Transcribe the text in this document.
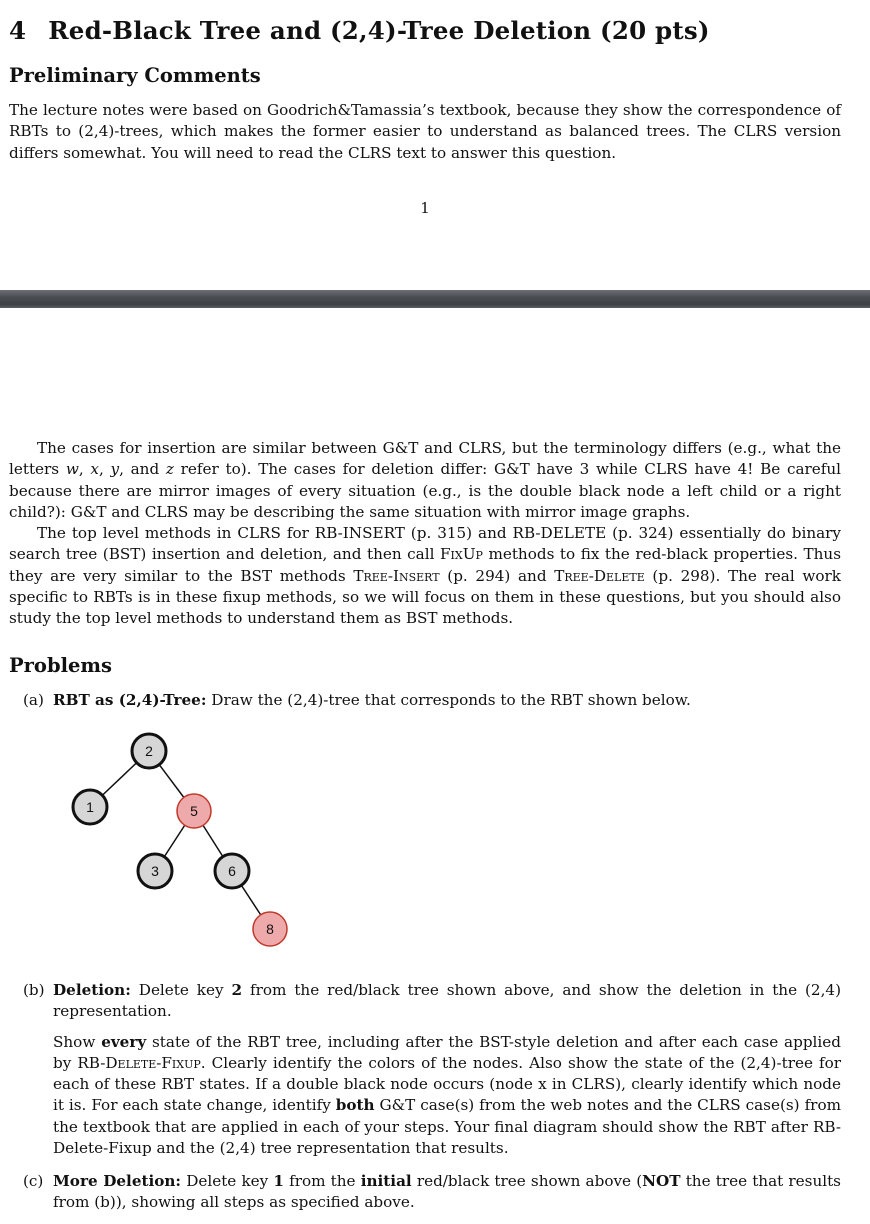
4 Red-Black Tree and (2,4)-Tree Deletion (20 pts)
Preliminary Comments

The lecture notes were based on Goodrich&Tamassia’s textbook, because they show the correspondence of RBTs to (2,4)-trees, which makes the former easier to understand as balanced trees. The CLRS version differs somewhat. You will need to read the CLRS text to answer this question.

1

The cases for insertion are similar between G&T and CLRS, but the terminology differs (e.g., what the letters w, x, y, and z refer to). The cases for deletion differ: G&T have 3 while CLRS have 4! Be careful because there are mirror images of every situation (e.g., is the double black node a left child or a right child?): G&T and CLRS may be describing the same situation with mirror image graphs.

The top level methods in CLRS for RB-INSERT (p. 315) and RB-DELETE (p. 324) essentially do binary search tree (BST) insertion and deletion, and then call FixUp methods to fix the red-black properties. Thus they are very similar to the BST methods Tree-Insert (p. 294) and Tree-Delete (p. 298). The real work specific to RBTs is in these fixup methods, so we will focus on them in these questions, but you should also study the top level methods to understand them as BST methods.

Problems
(a) RBT as (2,4)-Tree: Draw the (2,4)-tree that corresponds to the RBT shown below.

2
1	5
3	6
8
(b) Deletion: Delete key 2 from the red/black tree shown above, and show the deletion in the (2,4) representation.

Show every state of the RBT tree, including after the BST-style deletion and after each case applied by RB-Delete-Fixup. Clearly identify the colors of the nodes. Also show the state of the (2,4)-tree for each of these RBT states. If a double black node occurs (node x in CLRS), clearly identify which node it is. For each state change, identify both G&T case(s) from the web notes and the CLRS case(s) from the textbook that are applied in each of your steps. Your final diagram should show the RBT after RB-Delete-Fixup and the (2,4) tree representation that results.

(c) More Deletion: Delete key 1 from the initial red/black tree shown above (NOT the tree that results from (b)), showing all steps as specified above.
